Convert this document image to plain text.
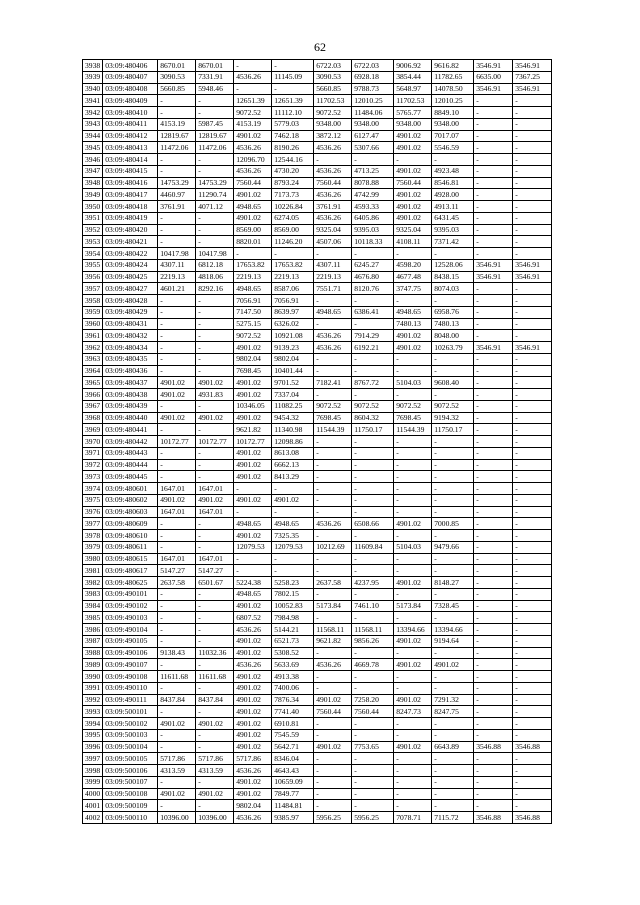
62
3938	03:09:480406	8670.01	8670.01	-	-	6722.03	6722.03	9006.92	9616.82	3546.91	3546.91
3939	03:09:480407	3090.53	7331.91	4536.26	11145.09	3090.53	6928.18	3854.44	11782.65	6635.00	7367.25
3940	03:09:480408	5660.85	5948.46	-	-	5660.85	9788.73	5648.97	14078.50	3546.91	3546.91
3941	03:09:480409	-	-	12651.39	12651.39	11702.53	12010.25	11702.53	12010.25	-	-
3942	03:09:480410	-	-	9072.52	11112.10	9072.52	11484.06	5765.77	8849.10	-	-
3943	03:09:480411	4153.19	5987.45	4153.19	5779.03	9348.00	9348.00	9348.00	9348.00	-	-
3944	03:09:480412	12819.67	12819.67	4901.02	7462.18	3872.12	6127.47	4901.02	7017.07	-	-
3945	03:09:480413	11472.06	11472.06	4536.26	8190.26	4536.26	5307.66	4901.02	5546.59	-	-
3946	03:09:480414	-	-	12096.70	12544.16	-	-	-	-	-	-
3947	03:09:480415	-	-	4536.26	4730.20	4536.26	4713.25	4901.02	4923.48	-	-
3948	03:09:480416	14753.29	14753.29	7560.44	8793.24	7560.44	8078.88	7560.44	8546.81	-	-
3949	03:09:480417	4460.97	11290.74	4901.02	7173.73	4536.26	4742.99	4901.02	4928.00	-	-
3950	03:09:480418	3761.91	4071.12	4948.65	10226.84	3761.91	4593.33	4901.02	4913.11	-	-
3951	03:09:480419	-	-	4901.02	6274.05	4536.26	6405.86	4901.02	6431.45	-	-
3952	03:09:480420	-	-	8569.00	8569.00	9325.04	9395.03	9325.04	9395.03	-	-
3953	03:09:480421	-	-	8820.01	11246.20	4507.06	10118.33	4108.11	7371.42	-	-
3954	03:09:480422	10417.98	10417.98	-	-	-	-	-	-	-	-
3955	03:09:480424	4307.11	6812.18	17653.82	17653.82	4307.11	6245.27	4598.20	12528.06	3546.91	3546.91
3956	03:09:480425	2219.13	4818.06	2219.13	2219.13	2219.13	4676.80	4677.48	8438.15	3546.91	3546.91
3957	03:09:480427	4601.21	8292.16	4948.65	8587.06	7551.71	8120.76	3747.75	8074.03	-	-
3958	03:09:480428	-	-	7056.91	7056.91	-	-	-	-	-	-
3959	03:09:480429	-	-	7147.50	8639.97	4948.65	6386.41	4948.65	6958.76	-	-
3960	03:09:480431	-	-	5275.15	6326.02	-	-	7480.13	7480.13	-	-
3961	03:09:480432	-	-	9072.52	10921.08	4536.26	7914.29	4901.02	8048.00	-	-
3962	03:09:480434	-	-	4901.02	9139.23	4536.26	6192.21	4901.02	10263.79	3546.91	3546.91
3963	03:09:480435	-	-	9802.04	9802.04	-	-	-	-	-	-
3964	03:09:480436	-	-	7698.45	10401.44	-	-	-	-	-	-
3965	03:09:480437	4901.02	4901.02	4901.02	9701.52	7182.41	8767.72	5104.03	9608.40	-	-
3966	03:09:480438	4901.02	4931.83	4901.02	7337.04	-	-	-	-	-	-
3967	03:09:480439	-	-	10346.05	11082.25	9072.52	9072.52	9072.52	9072.52	-	-
3968	03:09:480440	4901.02	4901.02	4901.02	9454.32	7698.45	8604.32	7698.45	9194.32	-	-
3969	03:09:480441	-	-	9621.82	11340.98	11544.39	11750.17	11544.39	11750.17	-	-
3970	03:09:480442	10172.77	10172.77	10172.77	12098.86	-	-	-	-	-	-
3971	03:09:480443	-	-	4901.02	8613.08	-	-	-	-	-	-
3972	03:09:480444	-	-	4901.02	6662.13	-	-	-	-	-	-
3973	03:09:480445	-	-	4901.02	8413.29	-	-	-	-	-	-
3974	03:09:480601	1647.01	1647.01	-	-	-	-	-	-	-	-
3975	03:09:480602	4901.02	4901.02	4901.02	4901.02	-	-	-	-	-	-
3976	03:09:480603	1647.01	1647.01	-	-	-	-	-	-	-	-
3977	03:09:480609	-	-	4948.65	4948.65	4536.26	6508.66	4901.02	7000.85	-	-
3978	03:09:480610	-	-	4901.02	7325.35	-	-	-	-	-	-
3979	03:09:480611	-	-	12079.53	12079.53	10212.69	11609.84	5104.03	9479.66	-	-
3980	03:09:480615	1647.01	1647.01	-	-	-	-	-	-	-	-
3981	03:09:480617	5147.27	5147.27	-	-	-	-	-	-	-	-
3982	03:09:480625	2637.58	6501.67	5224.38	5258.23	2637.58	4237.95	4901.02	8148.27	-	-
3983	03:09:490101	-	-	4948.65	7802.15	-	-	-	-	-	-
3984	03:09:490102	-	-	4901.02	10052.83	5173.84	7461.10	5173.84	7328.45	-	-
3985	03:09:490103	-	-	6807.52	7984.98	-	-	-	-	-	-
3986	03:09:490104	-	-	4536.26	5144.21	11568.11	11568.11	13394.66	13394.66	-	-
3987	03:09:490105	-	-	4901.02	6521.73	9621.82	9856.26	4901.02	9194.64	-	-
3988	03:09:490106	9138.43	11032.36	4901.02	5308.52	-	-	-	-	-	-
3989	03:09:490107	-	-	4536.26	5633.69	4536.26	4669.78	4901.02	4901.02	-	-
3990	03:09:490108	11611.68	11611.68	4901.02	4913.38	-	-	-	-	-	-
3991	03:09:490110	-	-	4901.02	7400.06	-	-	-	-	-	-
3992	03:09:490111	8437.84	8437.84	4901.02	7876.34	4901.02	7258.20	4901.02	7291.32	-	-
3993	03:09:500101	-	-	4901.02	7741.40	7560.44	7560.44	8247.73	8247.75	-	-
3994	03:09:500102	4901.02	4901.02	4901.02	6910.81	-	-	-	-	-	-
3995	03:09:500103	-	-	4901.02	7545.59	-	-	-	-	-	-
3996	03:09:500104	-	-	4901.02	5642.71	4901.02	7753.65	4901.02	6643.89	3546.88	3546.88
3997	03:09:500105	5717.86	5717.86	5717.86	8346.04	-	-	-	-	-	-
3998	03:09:500106	4313.59	4313.59	4536.26	4643.43	-	-	-	-	-	-
3999	03:09:500107	-	-	4901.02	10659.09	-	-	-	-	-	-
4000	03:09:500108	4901.02	4901.02	4901.02	7849.77	-	-	-	-	-	-
4001	03:09:500109	-	-	9802.04	11484.81	-	-	-	-	-	-
4002	03:09:500110	10396.00	10396.00	4536.26	9385.97	5956.25	5956.25	7078.71	7115.72	3546.88	3546.88
